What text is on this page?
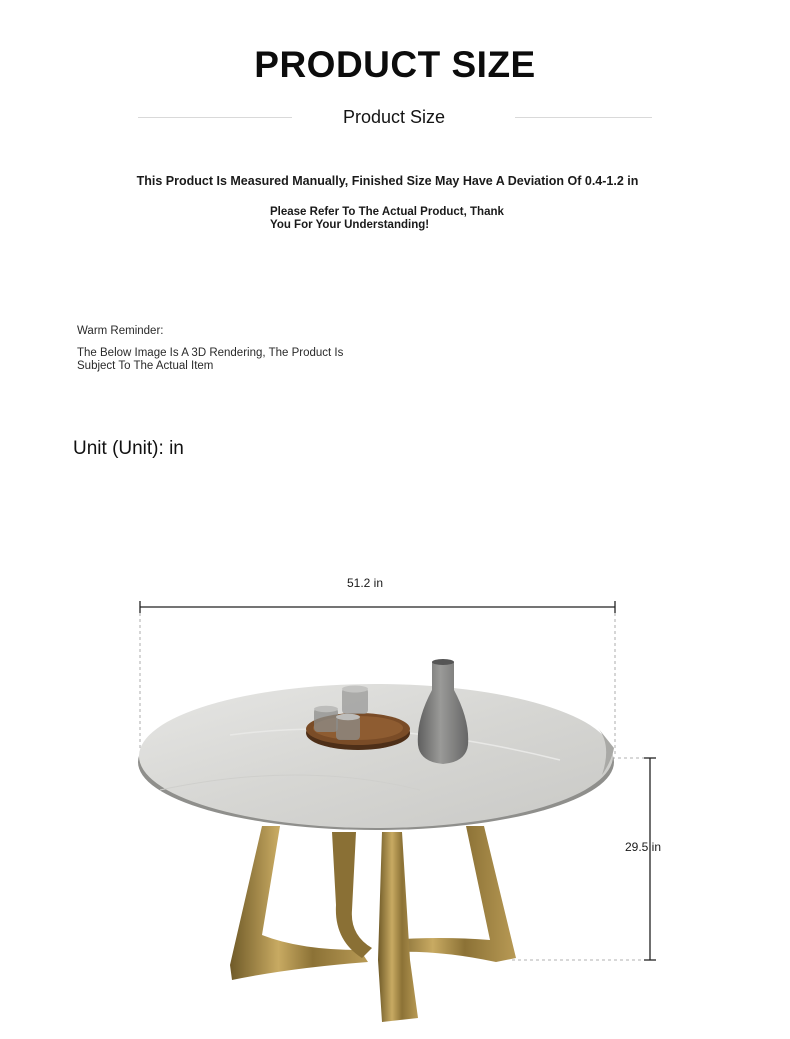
PRODUCT SIZE
Product Size
This Product Is Measured Manually, Finished Size May Have A Deviation Of 0.4-1.2 in
Please Refer To The Actual Product, Thank You For Your Understanding!
Warm Reminder:
The Below Image Is A 3D Rendering, The Product Is Subject To The Actual Item
Unit (Unit): in
51.2 in
29.5 in
